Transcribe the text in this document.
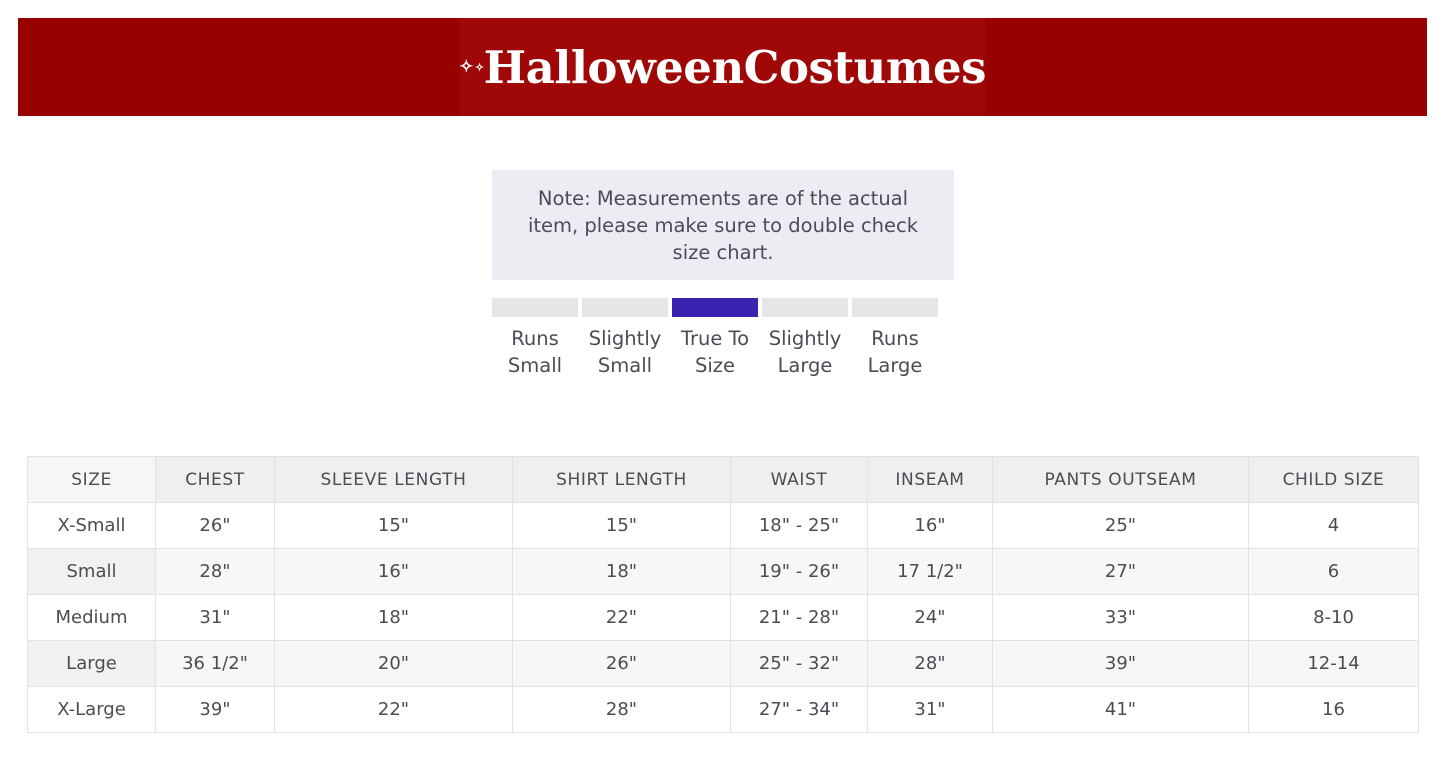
✧ ✧ HalloweenCostumes
Note: Measurements are of the actual item, please make sure to double check size chart.
Runs Small
Slightly Small
True To Size
Slightly Large
Runs Large
SIZE	CHEST	SLEEVE LENGTH	SHIRT LENGTH	WAIST	INSEAM	PANTS OUTSEAM	CHILD SIZE
X-Small	26"	15"	15"	18" - 25"	16"	25"	4
Small	28"	16"	18"	19" - 26"	17 1/2"	27"	6
Medium	31"	18"	22"	21" - 28"	24"	33"	8-10
Large	36 1/2"	20"	26"	25" - 32"	28"	39"	12-14
X-Large	39"	22"	28"	27" - 34"	31"	41"	16
